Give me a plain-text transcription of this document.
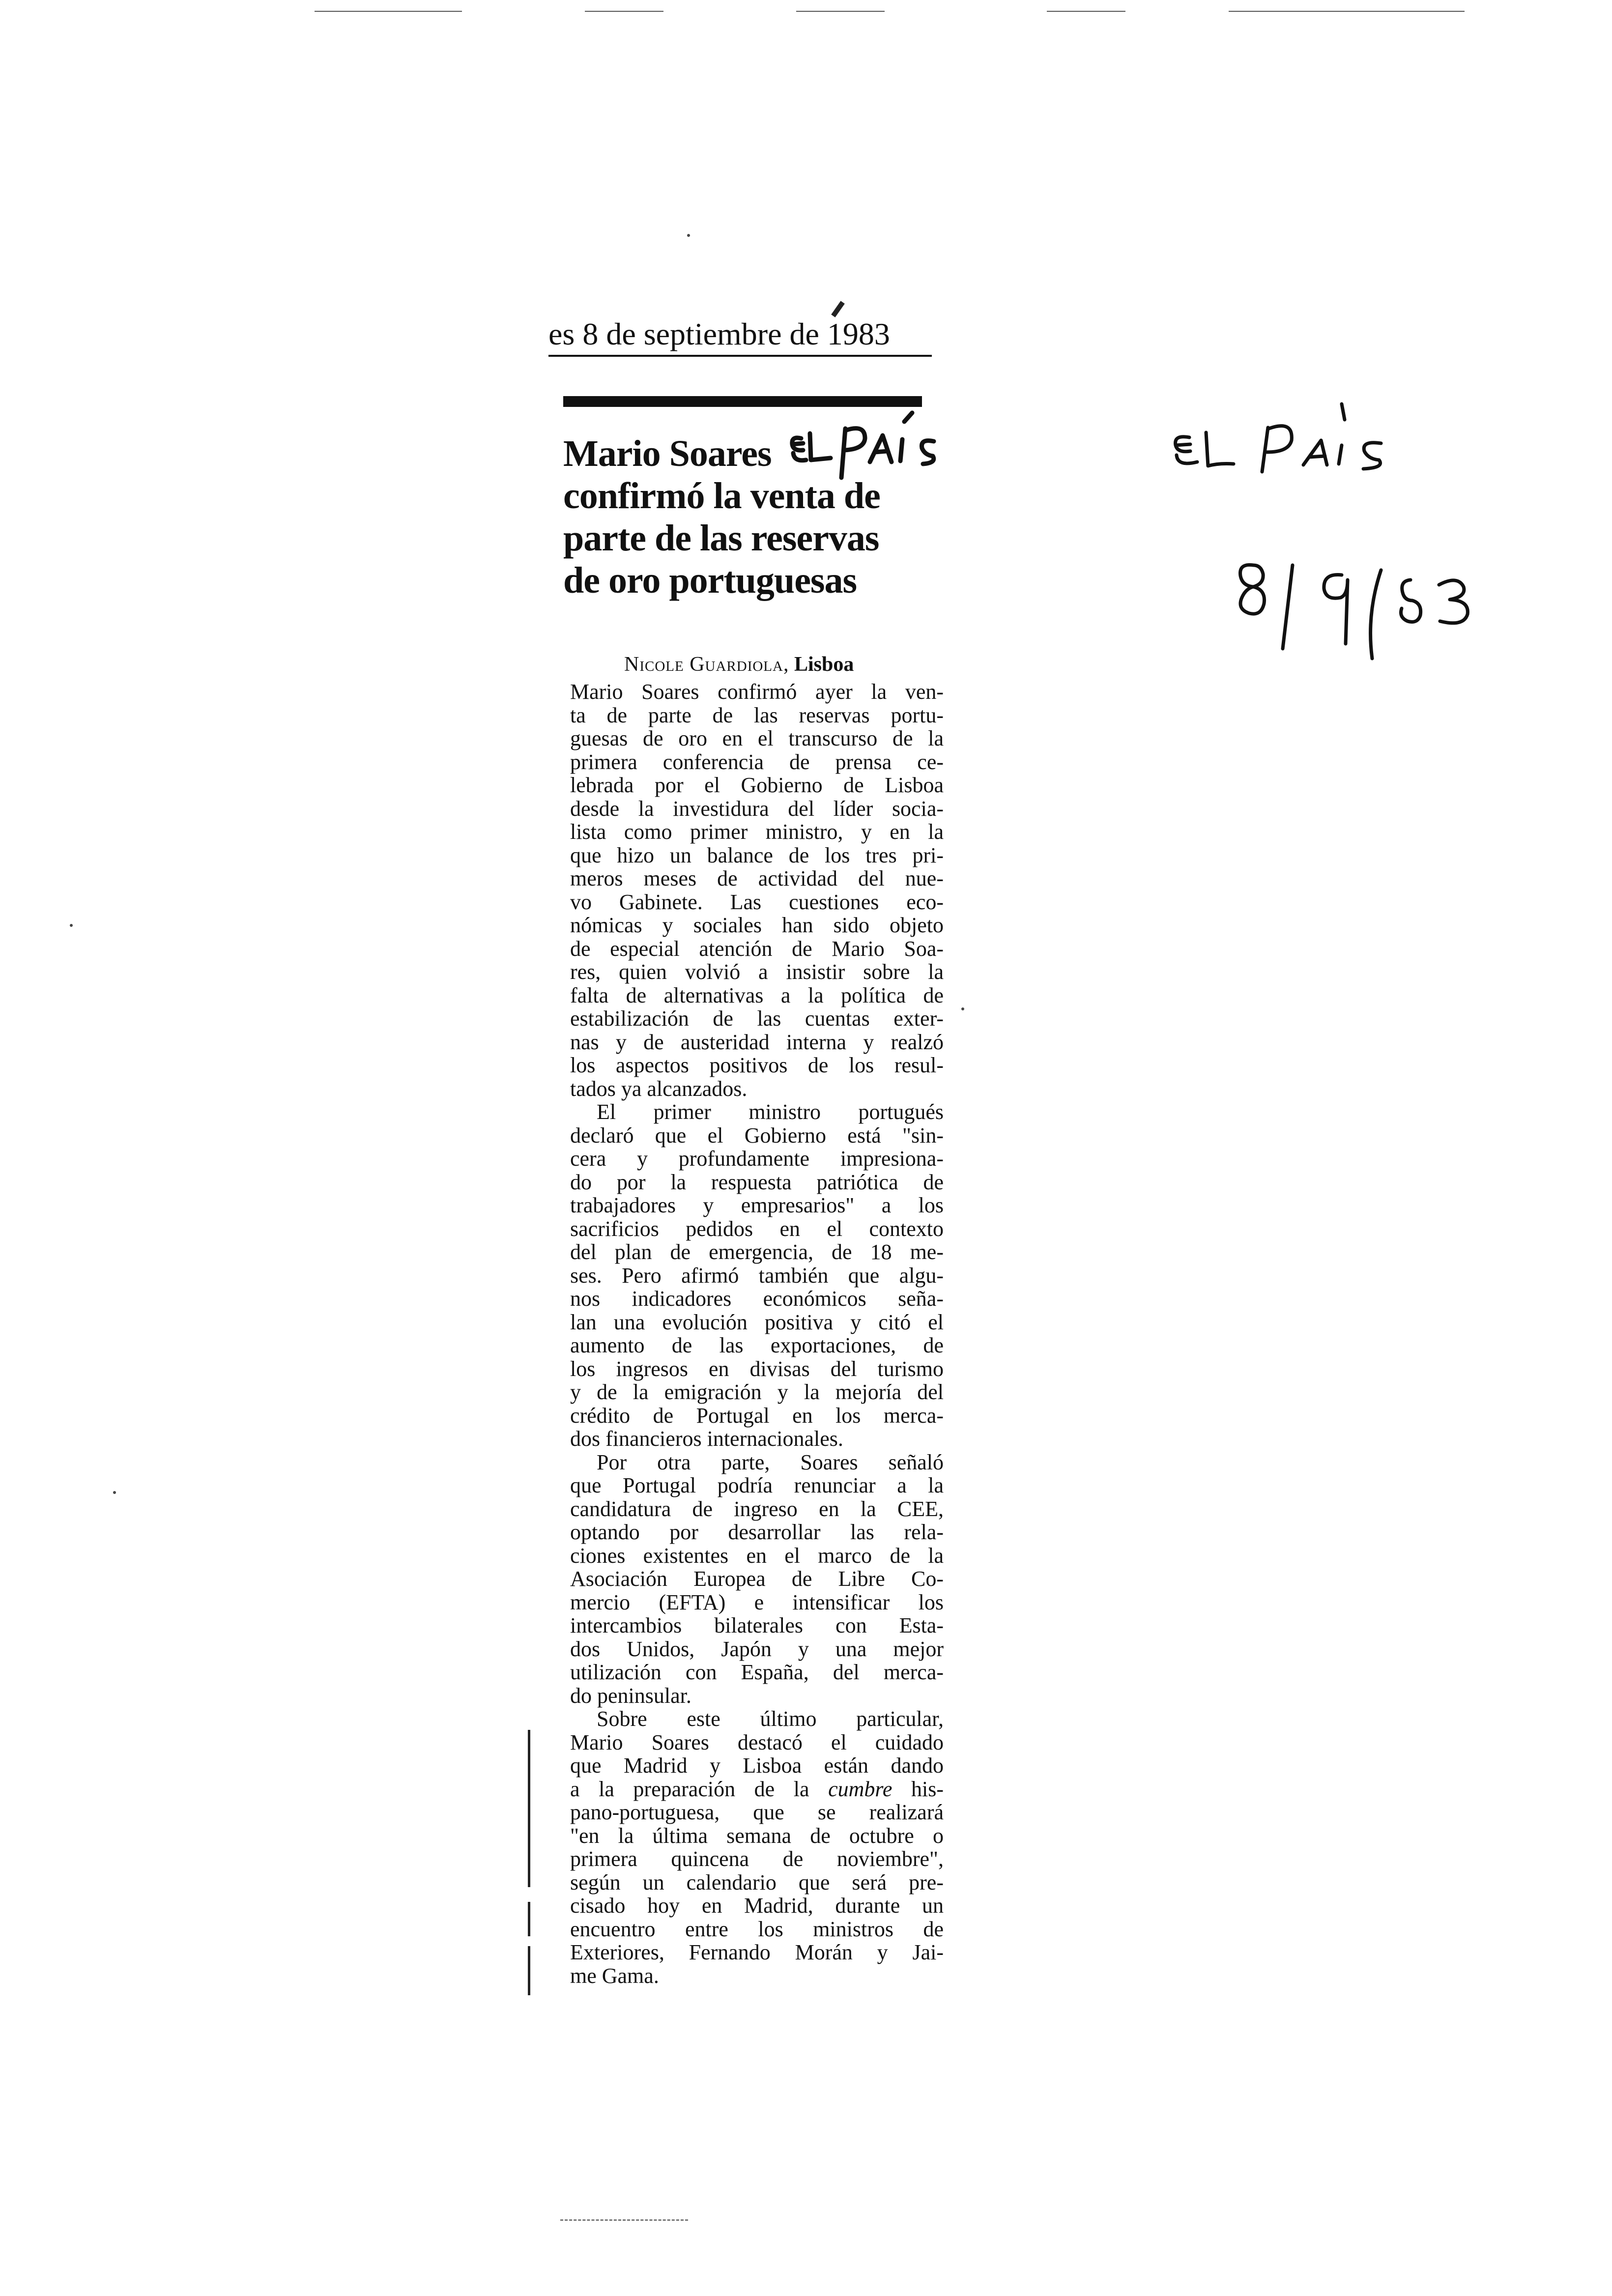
es 8 de septiembre de 1983
Mario Soares
confirmó la venta de
parte de las reservas
de oro portuguesas
Nicole Guardiola, Lisboa
Mario Soares confirmó ayer la ven-
ta de parte de las reservas portu-
guesas de oro en el transcurso de la
primera conferencia de prensa ce-
lebrada por el Gobierno de Lisboa
desde la investidura del líder socia-
lista como primer ministro, y en la
que hizo un balance de los tres pri-
meros meses de actividad del nue-
vo Gabinete. Las cuestiones eco-
nómicas y sociales han sido objeto
de especial atención de Mario Soa-
res, quien volvió a insistir sobre la
falta de alternativas a la política de
estabilización de las cuentas exter-
nas y de austeridad interna y realzó
los aspectos positivos de los resul-
tados ya alcanzados.
El primer ministro portugués
declaró que el Gobierno está "sin-
cera y profundamente impresiona-
do por la respuesta patriótica de
trabajadores y empresarios" a los
sacrificios pedidos en el contexto
del plan de emergencia, de 18 me-
ses. Pero afirmó también que algu-
nos indicadores económicos seña-
lan una evolución positiva y citó el
aumento de las exportaciones, de
los ingresos en divisas del turismo
y de la emigración y la mejoría del
crédito de Portugal en los merca-
dos financieros internacionales.
Por otra parte, Soares señaló
que Portugal podría renunciar a la
candidatura de ingreso en la CEE,
optando por desarrollar las rela-
ciones existentes en el marco de la
Asociación Europea de Libre Co-
mercio (EFTA) e intensificar los
intercambios bilaterales con Esta-
dos Unidos, Japón y una mejor
utilización con España, del merca-
do peninsular.
Sobre este último particular,
Mario Soares destacó el cuidado
que Madrid y Lisboa están dando
a la preparación de la cumbre his-
pano-portuguesa, que se realizará
"en la última semana de octubre o
primera quincena de noviembre",
según un calendario que será pre-
cisado hoy en Madrid, durante un
encuentro entre los ministros de
Exteriores, Fernando Morán y Jai-
me Gama.
